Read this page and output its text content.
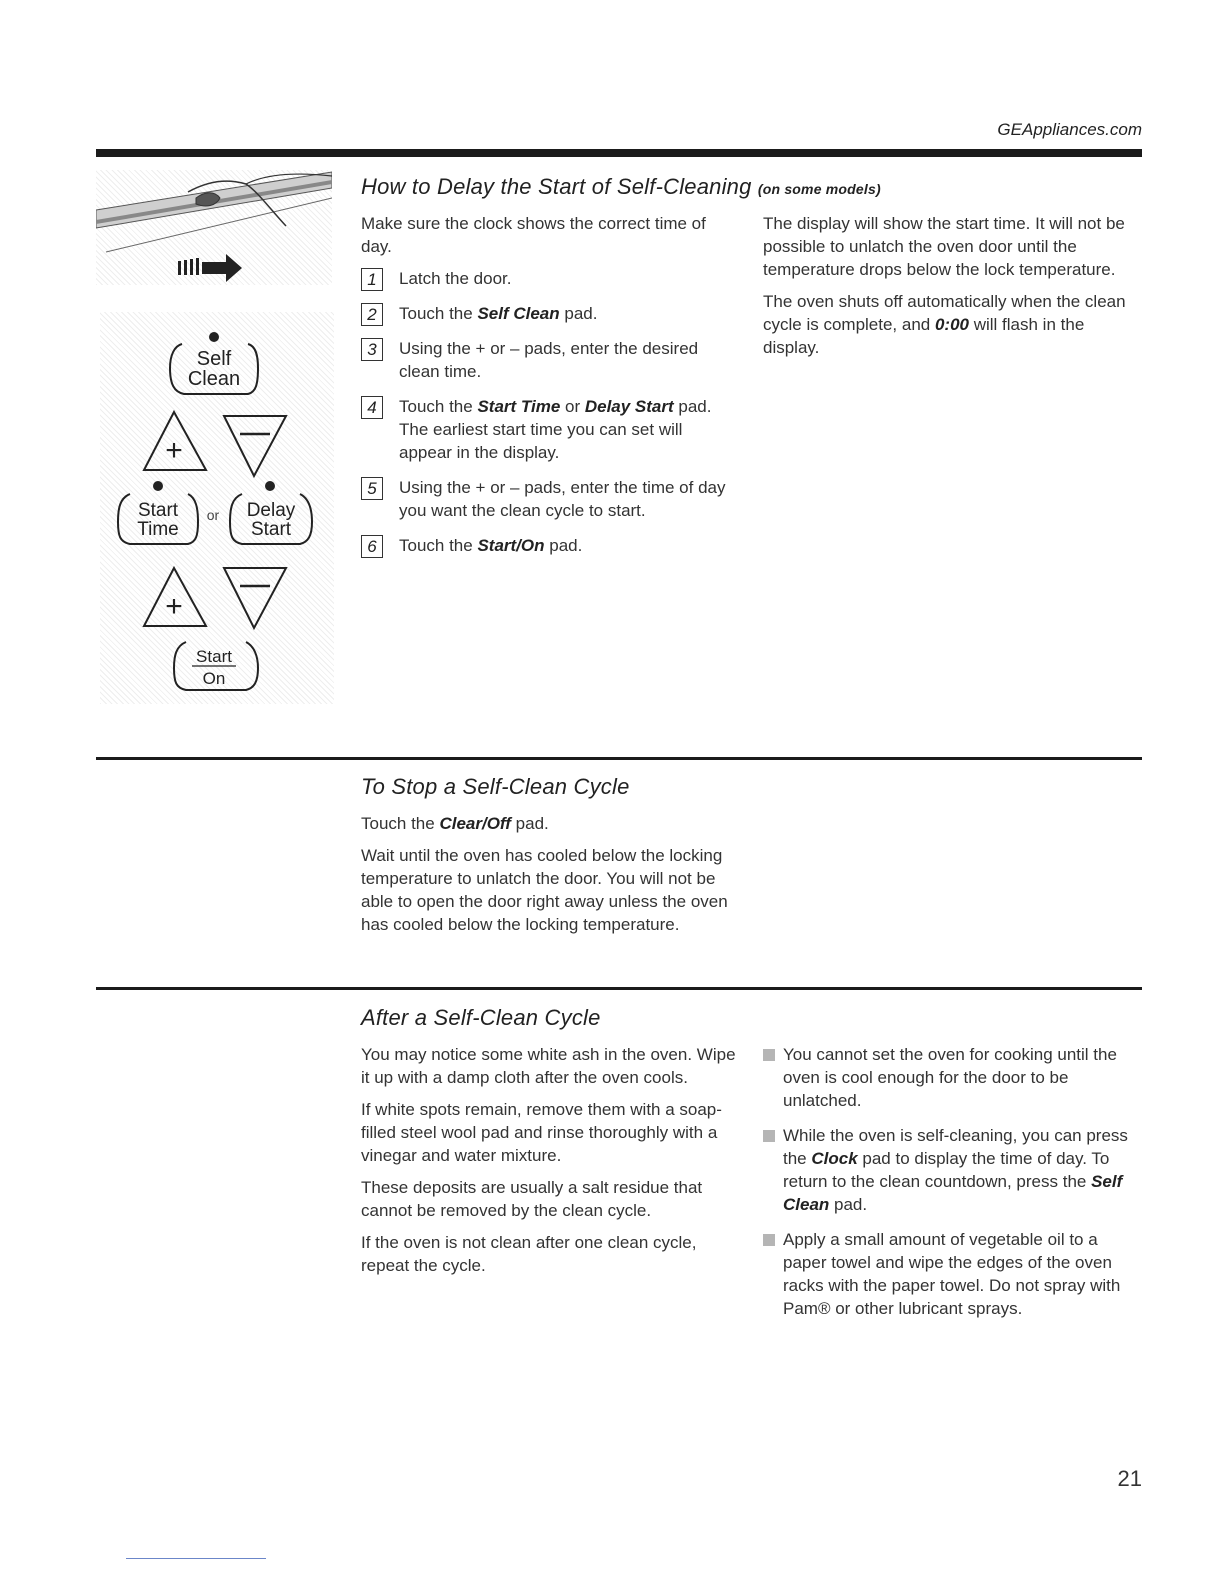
GEAppliances.com
Self
Clean
+
Start
Time
or Delay
Start
+
Start
On
How to Delay the Start of Self-Cleaning (on some models)

Make sure the clock shows the correct time of day.

1	Latch the door.
2	Touch the Self Clean pad.
3	Using the + or – pads, enter the desired clean time.
4	Touch the Start Time or Delay Start pad. The earliest start time you can set will appear in the display.
5	Using the + or – pads, enter the time of day you want the clean cycle to start.
6	Touch the Start/On pad.

The display will show the start time. It will not be possible to unlatch the oven door until the temperature drops below the lock temperature.

The oven shuts off automatically when the clean cycle is complete, and 0:00 will flash in the display.

To Stop a Self-Clean Cycle

Touch the Clear/Off pad.

Wait until the oven has cooled below the locking temperature to unlatch the door. You will not be able to open the door right away unless the oven has cooled below the locking temperature.

After a Self-Clean Cycle

You may notice some white ash in the oven. Wipe it up with a damp cloth after the oven cools.

If white spots remain, remove them with a soap-filled steel wool pad and rinse thoroughly with a vinegar and water mixture.

These deposits are usually a salt residue that cannot be removed by the clean cycle.

If the oven is not clean after one clean cycle, repeat the cycle.

You cannot set the oven for cooking until the oven is cool enough for the door to be unlatched.
While the oven is self-cleaning, you can press the Clock pad to display the time of day. To return to the clean countdown, press the Self Clean pad.
Apply a small amount of vegetable oil to a paper towel and wipe the edges of the oven racks with the paper towel. Do not spray with Pam® or other lubricant sprays.
21
